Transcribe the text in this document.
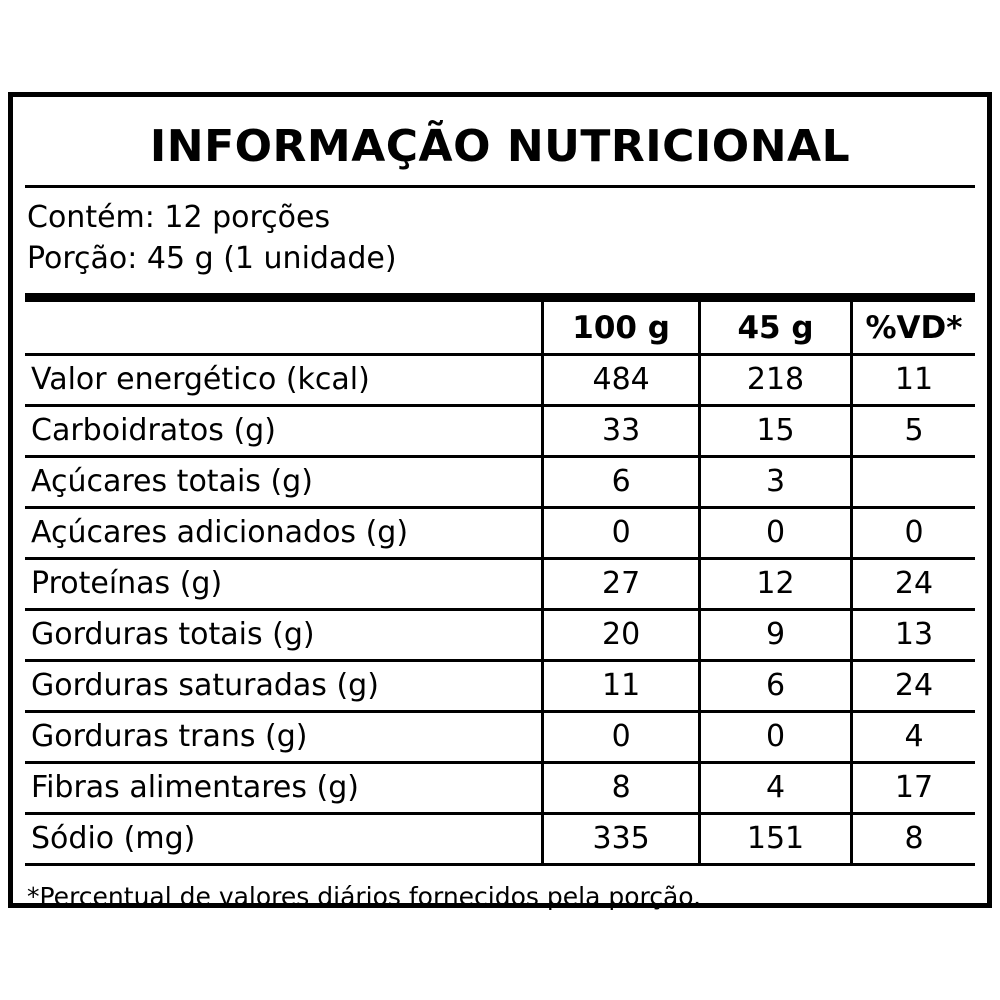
INFORMAÇÃO NUTRICIONAL
Contém: 12 porções
Porção: 45 g (1 unidade)
	100 g	45 g	%VD*
Valor energético (kcal)	484	218	11
Carboidratos (g)	33	15	5
Açúcares totais (g)	6	3	
Açúcares adicionados (g)	0	0	0
Proteínas (g)	27	12	24
Gorduras totais (g)	20	9	13
Gorduras saturadas (g)	11	6	24
Gorduras trans (g)	0	0	4
Fibras alimentares (g)	8	4	17
Sódio (mg)	335	151	8
*Percentual de valores diários fornecidos pela porção.
